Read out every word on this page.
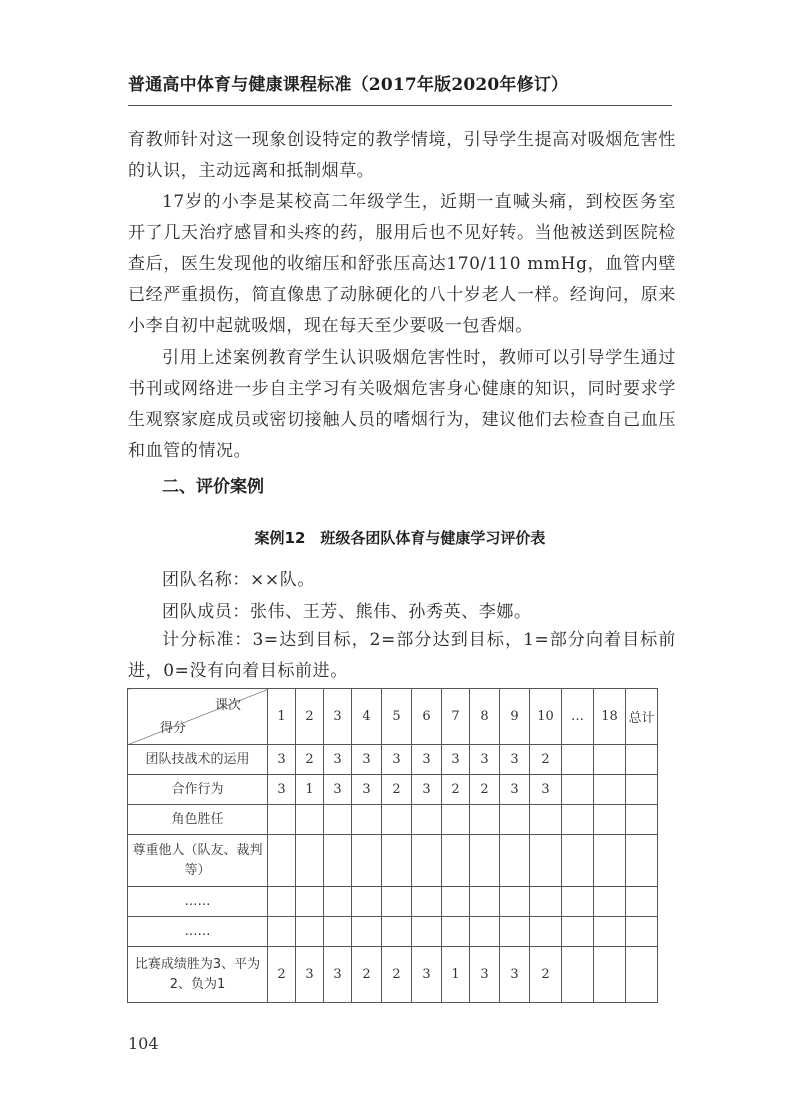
普通高中体育与健康课程标准（2017年版2020年修订）

育教师针对这一现象创设特定的教学情境，引导学生提高对吸烟危害性的认识，主动远离和抵制烟草。

17岁的小李是某校高二年级学生，近期一直喊头痛，到校医务室开了几天治疗感冒和头疼的药，服用后也不见好转。当他被送到医院检查后，医生发现他的收缩压和舒张压高达170/110 mmHg，血管内壁已经严重损伤，简直像患了动脉硬化的八十岁老人一样。经询问，原来小李自初中起就吸烟，现在每天至少要吸一包香烟。

引用上述案例教育学生认识吸烟危害性时，教师可以引导学生通过书刊或网络进一步自主学习有关吸烟危害身心健康的知识，同时要求学生观察家庭成员或密切接触人员的嗜烟行为，建议他们去检查自己血压和血管的情况。

二、评价案例
案例12　班级各团队体育与健康学习评价表

团队名称：××队。

团队成员：张伟、王芳、熊伟、孙秀英、李娜。

计分标准：3=达到目标，2=部分达到目标，1=部分向着目标前进，0=没有向着目标前进。

课次
得分	1	2	3	4	5	6	7	8	9	10	…	18	总计
团队技战术的运用	3	2	3	3	3	3	3	3	3	2			
合作行为	3	1	3	3	2	3	2	2	3	3			
角色胜任													
尊重他人（队友、裁判等）													
……													
……													
比赛成绩胜为3、平为2、负为1	2	3	3	2	2	3	1	3	3	2			
104
